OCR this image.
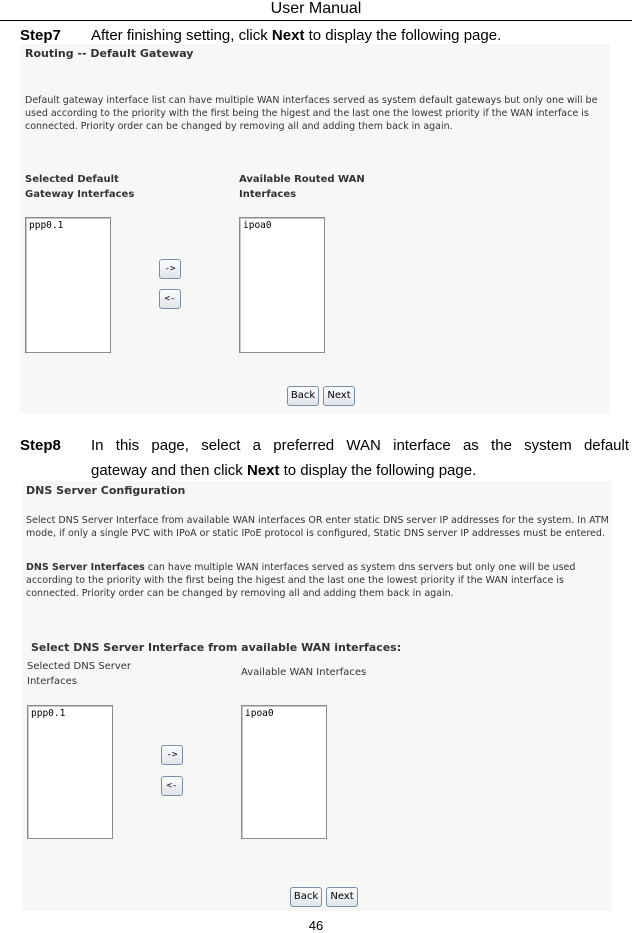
User Manual
Step7 After finishing setting, click Next to display the following page.
Routing -- Default Gateway
Default gateway interface list can have multiple WAN interfaces served as system default gateways but only one will be used according to the priority with the first being the higest and the last one the lowest priority if the WAN interface is connected. Priority order can be changed by removing all and adding them back in again.
Selected Default Gateway Interfaces
Available Routed WAN Interfaces
ppp0.1	ipoa0
->
<-
Back	Next
Step8 In this page, select a preferred WAN interface as the system default
gateway and then click Next to display the following page.
DNS Server Configuration
Select DNS Server Interface from available WAN interfaces OR enter static DNS server IP addresses for the system. In ATM mode, if only a single PVC with IPoA or static IPoE protocol is configured, Static DNS server IP addresses must be entered.
DNS Server Interfaces can have multiple WAN interfaces served as system dns servers but only one will be used according to the priority with the first being the higest and the last one the lowest priority if the WAN interface is connected. Priority order can be changed by removing all and adding them back in again.
Select DNS Server Interface from available WAN interfaces:
Selected DNS Server Interfaces
Available WAN Interfaces
ppp0.1	ipoa0
->
<-
Back	Next
46
